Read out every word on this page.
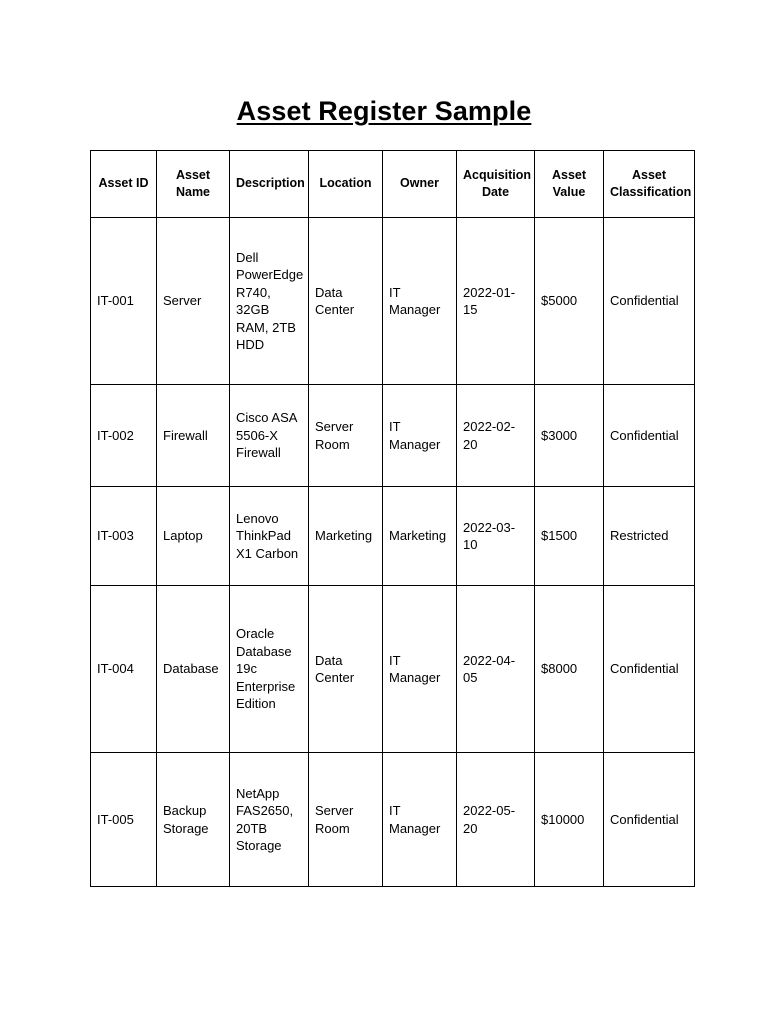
Asset Register Sample
Asset ID	Asset Name	Description	Location	Owner	Acquisition Date	Asset Value	Asset Classification
IT-001	Server	Dell PowerEdge R740, 32GB RAM, 2TB HDD	Data Center	IT Manager	2022-01-15	$5000	Confidential
IT-002	Firewall	Cisco ASA 5506-X Firewall	Server Room	IT Manager	2022-02-20	$3000	Confidential
IT-003	Laptop	Lenovo ThinkPad X1 Carbon	Marketing	Marketing	2022-03-10	$1500	Restricted
IT-004	Database	Oracle Database 19c Enterprise Edition	Data Center	IT Manager	2022-04-05	$8000	Confidential
IT-005	Backup Storage	NetApp FAS2650, 20TB Storage	Server Room	IT Manager	2022-05-20	$10000	Confidential
